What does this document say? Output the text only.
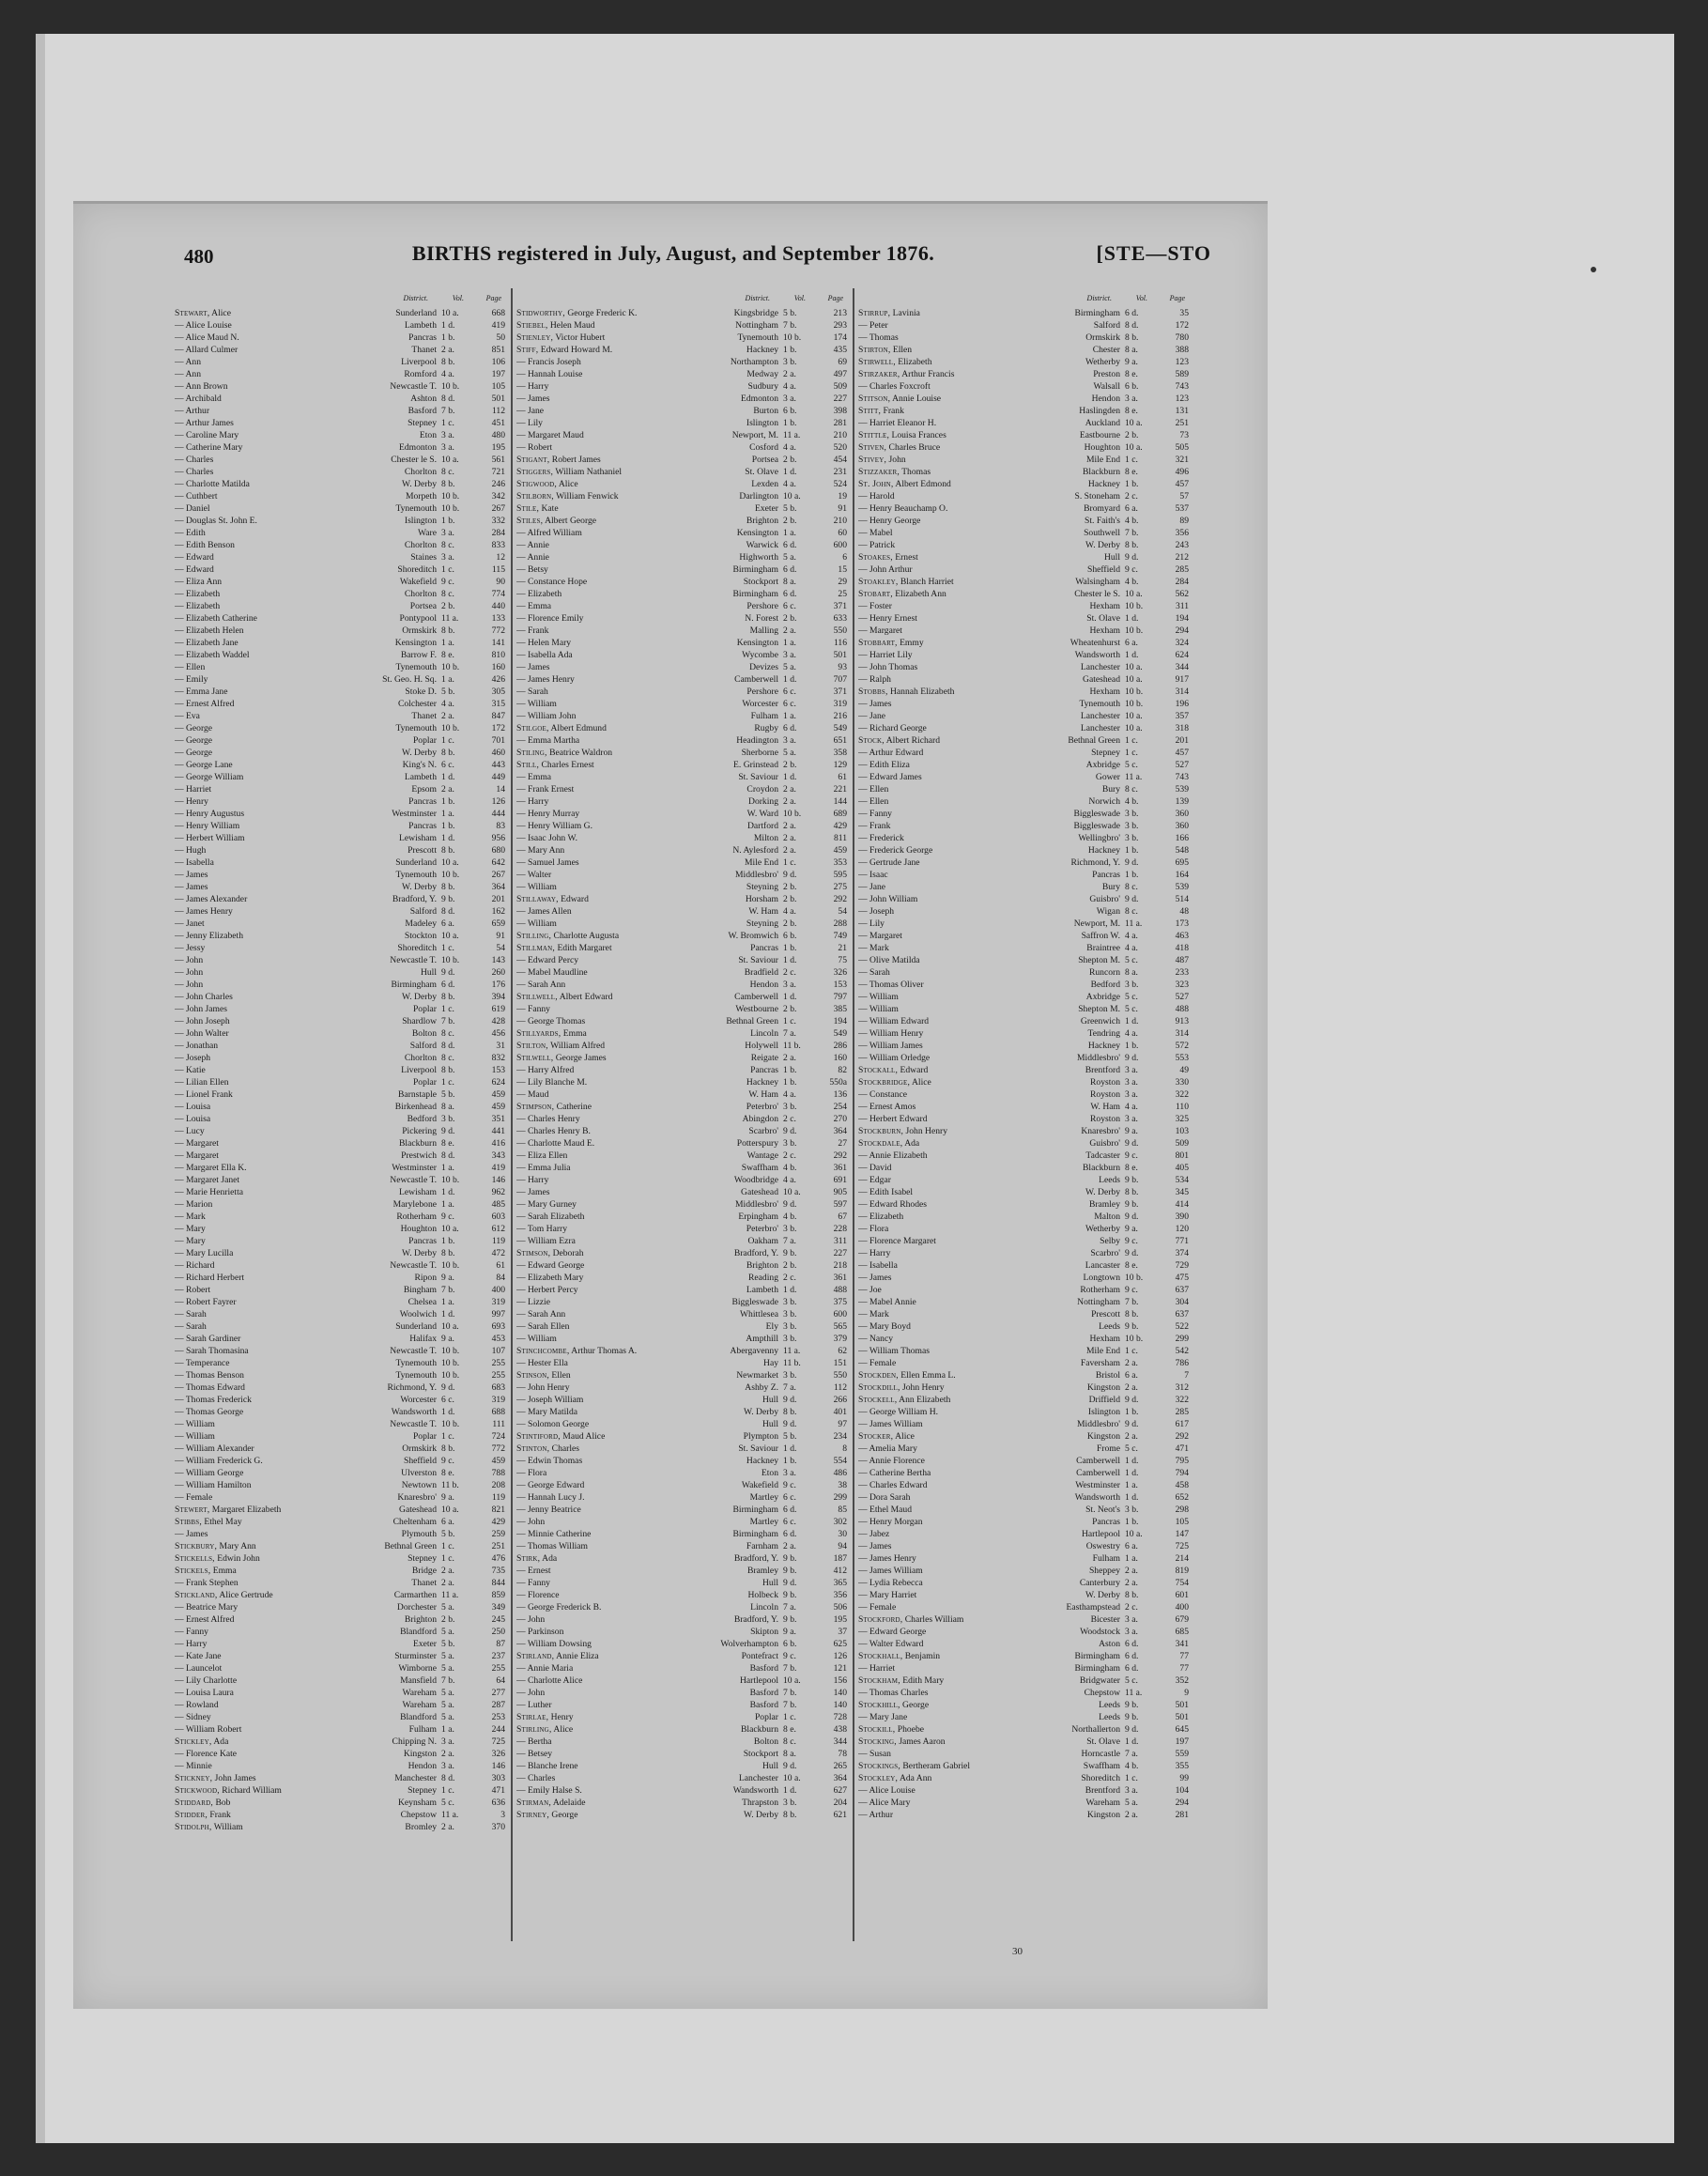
480	BIRTHS registered in July, August, and September 1876.	[STE—STO
District.	Vol.	Page
Stewart, Alice	Sunderland 10 a.	668
— Alice Louise	Lambeth 1 d.	419
— Alice Maud N.	Pancras 1 b.	50
— Allard Culmer	Thanet 2 a.	851
— Ann	Liverpool 8 b.	106
— Ann	Romford 4 a.	197
— Ann Brown	Newcastle T. 10 b.	105
— Archibald	Ashton 8 d.	501
— Arthur	Basford 7 b.	112
— Arthur James	Stepney 1 c.	451
— Caroline Mary	Eton 3 a.	480
— Catherine Mary	Edmonton 3 a.	195
— Charles	Chester le S. 10 a.	561
— Charles	Chorlton 8 c.	721
— Charlotte Matilda	W. Derby 8 b.	246
— Cuthbert	Morpeth 10 b.	342
— Daniel	Tynemouth 10 b.	267
— Douglas St. John E.	Islington 1 b.	332
— Edith	Ware 3 a.	284
— Edith Benson	Chorlton 8 c.	833
— Edward	Staines 3 a.	12
— Edward	Shoreditch 1 c.	115
— Eliza Ann	Wakefield 9 c.	90
— Elizabeth	Chorlton 8 c.	774
— Elizabeth	Portsea 2 b.	440
— Elizabeth Catherine	Pontypool 11 a.	133
— Elizabeth Helen	Ormskirk 8 b.	772
— Elizabeth Jane	Kensington 1 a.	141
— Elizabeth Waddel	Barrow F. 8 e.	810
— Ellen	Tynemouth 10 b.	160
— Emily	St. Geo. H. Sq. 1 a.	426
— Emma Jane	Stoke D. 5 b.	305
— Ernest Alfred	Colchester 4 a.	315
— Eva	Thanet 2 a.	847
— George	Tynemouth 10 b.	172
— George	Poplar 1 c.	701
— George	W. Derby 8 b.	460
— George Lane	King's N. 6 c.	443
— George William	Lambeth 1 d.	449
— Harriet	Epsom 2 a.	14
— Henry	Pancras 1 b.	126
— Henry Augustus	Westminster 1 a.	444
— Henry William	Pancras 1 b.	83
— Herbert William	Lewisham 1 d.	956
— Hugh	Prescott 8 b.	680
— Isabella	Sunderland 10 a.	642
— James	Tynemouth 10 b.	267
— James	W. Derby 8 b.	364
— James Alexander	Bradford, Y. 9 b.	201
— James Henry	Salford 8 d.	162
— Janet	Madeley 6 a.	659
— Jenny Elizabeth	Stockton 10 a.	91
— Jessy	Shoreditch 1 c.	54
— John	Newcastle T. 10 b.	143
— John	Hull 9 d.	260
— John	Birmingham 6 d.	176
— John Charles	W. Derby 8 b.	394
— John James	Poplar 1 c.	619
— John Joseph	Shardlow 7 b.	428
— John Walter	Bolton 8 c.	456
— Jonathan	Salford 8 d.	31
— Joseph	Chorlton 8 c.	832
— Katie	Liverpool 8 b.	153
— Lilian Ellen	Poplar 1 c.	624
— Lionel Frank	Barnstaple 5 b.	459
— Louisa	Birkenhead 8 a.	459
— Louisa	Bedford 3 b.	351
— Lucy	Pickering 9 d.	441
— Margaret	Blackburn 8 e.	416
— Margaret	Prestwich 8 d.	343
— Margaret Ella K.	Westminster 1 a.	419
— Margaret Janet	Newcastle T. 10 b.	146
— Marie Henrietta	Lewisham 1 d.	962
— Marion	Marylebone 1 a.	485
— Mark	Rotherham 9 c.	603
— Mary	Houghton 10 a.	612
— Mary	Pancras 1 b.	119
— Mary Lucilla	W. Derby 8 b.	472
— Richard	Newcastle T. 10 b.	61
— Richard Herbert	Ripon 9 a.	84
— Robert	Bingham 7 b.	400
— Robert Fayrer	Chelsea 1 a.	319
— Sarah	Woolwich 1 d.	997
— Sarah	Sunderland 10 a.	693
— Sarah Gardiner	Halifax 9 a.	453
— Sarah Thomasina	Newcastle T. 10 b.	107
— Temperance	Tynemouth 10 b.	255
— Thomas Benson	Tynemouth 10 b.	255
— Thomas Edward	Richmond, Y. 9 d.	683
— Thomas Frederick	Worcester 6 c.	319
— Thomas George	Wandsworth 1 d.	688
— William	Newcastle T. 10 b.	111
— William	Poplar 1 c.	724
— William Alexander	Ormskirk 8 b.	772
— William Frederick G.	Sheffield 9 c.	459
— William George	Ulverston 8 e.	788
— William Hamilton	Newtown 11 b.	208
— Female	Knaresbro' 9 a.	119
Stewert, Margaret Elizabeth	Gateshead 10 a.	821
Stibbs, Ethel May	Cheltenham 6 a.	429
— James	Plymouth 5 b.	259
Stickbury, Mary Ann	Bethnal Green 1 c.	251
Stickells, Edwin John	Stepney 1 c.	476
Stickels, Emma	Bridge 2 a.	735
— Frank Stephen	Thanet 2 a.	844
Stickland, Alice Gertrude	Carmarthen 11 a.	859
— Beatrice Mary	Dorchester 5 a.	349
— Ernest Alfred	Brighton 2 b.	245
— Fanny	Blandford 5 a.	250
— Harry	Exeter 5 b.	87
— Kate Jane	Sturminster 5 a.	237
— Launcelot	Wimborne 5 a.	255
— Lily Charlotte	Mansfield 7 b.	64
— Louisa Laura	Wareham 5 a.	277
— Rowland	Wareham 5 a.	287
— Sidney	Blandford 5 a.	253
— William Robert	Fulham 1 a.	244
Stickley, Ada	Chipping N. 3 a.	725
— Florence Kate	Kingston 2 a.	326
— Minnie	Hendon 3 a.	146
Stickney, John James	Manchester 8 d.	303
Stickwood, Richard William	Stepney 1 c.	471
Stiddard, Bob	Keynsham 5 c.	636
Stidder, Frank	Chepstow 11 a.	3
Stidolph, William	Bromley 2 a.	370
District.	Vol.	Page
Stidworthy, George Frederic K.	Kingsbridge 5 b.	213
Stiebel, Helen Maud	Nottingham 7 b.	293
Stienley, Victor Hubert	Tynemouth 10 b.	174
Stiff, Edward Howard M.	Hackney 1 b.	435
— Francis Joseph	Northampton 3 b.	69
— Hannah Louise	Medway 2 a.	497
— Harry	Sudbury 4 a.	509
— James	Edmonton 3 a.	227
— Jane	Burton 6 b.	398
— Lily	Islington 1 b.	281
— Margaret Maud	Newport, M. 11 a.	210
— Robert	Cosford 4 a.	520
Stigant, Robert James	Portsea 2 b.	454
Stiggers, William Nathaniel	St. Olave 1 d.	231
Stigwood, Alice	Lexden 4 a.	524
Stilborn, William Fenwick	Darlington 10 a.	19
Stile, Kate	Exeter 5 b.	91
Stiles, Albert George	Brighton 2 b.	210
— Alfred William	Kensington 1 a.	60
— Annie	Warwick 6 d.	600
— Annie	Highworth 5 a.	6
— Betsy	Birmingham 6 d.	15
— Constance Hope	Stockport 8 a.	29
— Elizabeth	Birmingham 6 d.	25
— Emma	Pershore 6 c.	371
— Florence Emily	N. Forest 2 b.	633
— Frank	Malling 2 a.	550
— Helen Mary	Kensington 1 a.	116
— Isabella Ada	Wycombe 3 a.	501
— James	Devizes 5 a.	93
— James Henry	Camberwell 1 d.	707
— Sarah	Pershore 6 c.	371
— William	Worcester 6 c.	319
— William John	Fulham 1 a.	216
Stilgoe, Albert Edmund	Rugby 6 d.	549
— Emma Martha	Headington 3 a.	651
Stiling, Beatrice Waldron	Sherborne 5 a.	358
Still, Charles Ernest	E. Grinstead 2 b.	129
— Emma	St. Saviour 1 d.	61
— Frank Ernest	Croydon 2 a.	221
— Harry	Dorking 2 a.	144
— Henry Murray	W. Ward 10 b.	689
— Henry William G.	Dartford 2 a.	429
— Isaac John W.	Milton 2 a.	811
— Mary Ann	N. Aylesford 2 a.	459
— Samuel James	Mile End 1 c.	353
— Walter	Middlesbro' 9 d.	595
— William	Steyning 2 b.	275
Stillaway, Edward	Horsham 2 b.	292
— James Allen	W. Ham 4 a.	54
— William	Steyning 2 b.	288
Stilling, Charlotte Augusta	W. Bromwich 6 b.	749
Stillman, Edith Margaret	Pancras 1 b.	21
— Edward Percy	St. Saviour 1 d.	75
— Mabel Maudline	Bradfield 2 c.	326
— Sarah Ann	Hendon 3 a.	153
Stillwell, Albert Edward	Camberwell 1 d.	797
— Fanny	Westbourne 2 b.	385
— George Thomas	Bethnal Green 1 c.	194
Stillyards, Emma	Lincoln 7 a.	549
Stilton, William Alfred	Holywell 11 b.	286
Stilwell, George James	Reigate 2 a.	160
— Harry Alfred	Pancras 1 b.	82
— Lily Blanche M.	Hackney 1 b.	550a
— Maud	W. Ham 4 a.	136
Stimpson, Catherine	Peterbro' 3 b.	254
— Charles Henry	Abingdon 2 c.	270
— Charles Henry B.	Scarbro' 9 d.	364
— Charlotte Maud E.	Potterspury 3 b.	27
— Eliza Ellen	Wantage 2 c.	292
— Emma Julia	Swaffham 4 b.	361
— Harry	Woodbridge 4 a.	691
— James	Gateshead 10 a.	905
— Mary Gurney	Middlesbro' 9 d.	597
— Sarah Elizabeth	Erpingham 4 b.	67
— Tom Harry	Peterbro' 3 b.	228
— William Ezra	Oakham 7 a.	311
Stimson, Deborah	Bradford, Y. 9 b.	227
— Edward George	Brighton 2 b.	218
— Elizabeth Mary	Reading 2 c.	361
— Herbert Percy	Lambeth 1 d.	488
— Lizzie	Biggleswade 3 b.	375
— Sarah Ann	Whittlesea 3 b.	600
— Sarah Ellen	Ely 3 b.	565
— William	Ampthill 3 b.	379
Stinchcombe, Arthur Thomas A.	Abergavenny 11 a.	62
— Hester Ella	Hay 11 b.	151
Stinson, Ellen	Newmarket 3 b.	550
— John Henry	Ashby Z. 7 a.	112
— Joseph William	Hull 9 d.	266
— Mary Matilda	W. Derby 8 b.	401
— Solomon George	Hull 9 d.	97
Stintiford, Maud Alice	Plympton 5 b.	234
Stinton, Charles	St. Saviour 1 d.	8
— Edwin Thomas	Hackney 1 b.	554
— Flora	Eton 3 a.	486
— George Edward	Wakefield 9 c.	38
— Hannah Lucy J.	Martley 6 c.	299
— Jenny Beatrice	Birmingham 6 d.	85
— John	Martley 6 c.	302
— Minnie Catherine	Birmingham 6 d.	30
— Thomas William	Farnham 2 a.	94
Stirk, Ada	Bradford, Y. 9 b.	187
— Ernest	Bramley 9 b.	412
— Fanny	Hull 9 d.	365
— Florence	Holbeck 9 b.	356
— George Frederick B.	Lincoln 7 a.	506
— John	Bradford, Y. 9 b.	195
— Parkinson	Skipton 9 a.	37
— William Dowsing	Wolverhampton 6 b.	625
Stirland, Annie Eliza	Pontefract 9 c.	126
— Annie Maria	Basford 7 b.	121
— Charlotte Alice	Hartlepool 10 a.	156
— John	Basford 7 b.	140
— Luther	Basford 7 b.	140
Stirlae, Henry	Poplar 1 c.	728
Stirling, Alice	Blackburn 8 e.	438
— Bertha	Bolton 8 c.	344
— Betsey	Stockport 8 a.	78
— Blanche Irene	Hull 9 d.	265
— Charles	Lanchester 10 a.	364
— Emily Halse S.	Wandsworth 1 d.	627
Stirman, Adelaide	Thrapston 3 b.	204
Stirney, George	W. Derby 8 b.	621
District.	Vol.	Page
Stirrup, Lavinia	Birmingham 6 d.	35
— Peter	Salford 8 d.	172
— Thomas	Ormskirk 8 b.	780
Stirton, Ellen	Chester 8 a.	388
Stirwell, Elizabeth	Wetherby 9 a.	123
Stirzaker, Arthur Francis	Preston 8 e.	589
— Charles Foxcroft	Walsall 6 b.	743
Stitson, Annie Louise	Hendon 3 a.	123
Stitt, Frank	Haslingden 8 e.	131
— Harriet Eleanor H.	Auckland 10 a.	251
Stittle, Louisa Frances	Eastbourne 2 b.	73
Stiven, Charles Bruce	Houghton 10 a.	505
Stivey, John	Mile End 1 c.	321
Stizzaker, Thomas	Blackburn 8 e.	496
St. John, Albert Edmond	Hackney 1 b.	457
— Harold	S. Stoneham 2 c.	57
— Henry Beauchamp O.	Bromyard 6 a.	537
— Henry George	St. Faith's 4 b.	89
— Mabel	Southwell 7 b.	356
— Patrick	W. Derby 8 b.	243
Stoakes, Ernest	Hull 9 d.	212
— John Arthur	Sheffield 9 c.	285
Stoakley, Blanch Harriet	Walsingham 4 b.	284
Stobart, Elizabeth Ann	Chester le S. 10 a.	562
— Foster	Hexham 10 b.	311
— Henry Ernest	St. Olave 1 d.	194
— Margaret	Hexham 10 b.	294
Stobbart, Emmy	Wheatenhurst 6 a.	324
— Harriet Lily	Wandsworth 1 d.	624
— John Thomas	Lanchester 10 a.	344
— Ralph	Gateshead 10 a.	917
Stobbs, Hannah Elizabeth	Hexham 10 b.	314
— James	Tynemouth 10 b.	196
— Jane	Lanchester 10 a.	357
— Richard George	Lanchester 10 a.	318
Stock, Albert Richard	Bethnal Green 1 c.	201
— Arthur Edward	Stepney 1 c.	457
— Edith Eliza	Axbridge 5 c.	527
— Edward James	Gower 11 a.	743
— Ellen	Bury 8 c.	539
— Ellen	Norwich 4 b.	139
— Fanny	Biggleswade 3 b.	360
— Frank	Biggleswade 3 b.	360
— Frederick	Wellingbro' 3 b.	166
— Frederick George	Hackney 1 b.	548
— Gertrude Jane	Richmond, Y. 9 d.	695
— Isaac	Pancras 1 b.	164
— Jane	Bury 8 c.	539
— John William	Guisbro' 9 d.	514
— Joseph	Wigan 8 c.	48
— Lily	Newport, M. 11 a.	173
— Margaret	Saffron W. 4 a.	463
— Mark	Braintree 4 a.	418
— Olive Matilda	Shepton M. 5 c.	487
— Sarah	Runcorn 8 a.	233
— Thomas Oliver	Bedford 3 b.	323
— William	Axbridge 5 c.	527
— William	Shepton M. 5 c.	488
— William Edward	Greenwich 1 d.	913
— William Henry	Tendring 4 a.	314
— William James	Hackney 1 b.	572
— William Orledge	Middlesbro' 9 d.	553
Stockall, Edward	Brentford 3 a.	49
Stockbridge, Alice	Royston 3 a.	330
— Constance	Royston 3 a.	322
— Ernest Amos	W. Ham 4 a.	110
— Herbert Edward	Royston 3 a.	325
Stockburn, John Henry	Knaresbro' 9 a.	103
Stockdale, Ada	Guisbro' 9 d.	509
— Annie Elizabeth	Tadcaster 9 c.	801
— David	Blackburn 8 e.	405
— Edgar	Leeds 9 b.	534
— Edith Isabel	W. Derby 8 b.	345
— Edward Rhodes	Bramley 9 b.	414
— Elizabeth	Malton 9 d.	390
— Flora	Wetherby 9 a.	120
— Florence Margaret	Selby 9 c.	771
— Harry	Scarbro' 9 d.	374
— Isabella	Lancaster 8 e.	729
— James	Longtown 10 b.	475
— Joe	Rotherham 9 c.	637
— Mabel Annie	Nottingham 7 b.	304
— Mark	Prescott 8 b.	637
— Mary Boyd	Leeds 9 b.	522
— Nancy	Hexham 10 b.	299
— William Thomas	Mile End 1 c.	542
— Female	Faversham 2 a.	786
Stockden, Ellen Emma L.	Bristol 6 a.	7
Stockdill, John Henry	Kingston 2 a.	312
Stockell, Ann Elizabeth	Driffield 9 d.	322
— George William H.	Islington 1 b.	285
— James William	Middlesbro' 9 d.	617
Stocker, Alice	Kingston 2 a.	292
— Amelia Mary	Frome 5 c.	471
— Annie Florence	Camberwell 1 d.	795
— Catherine Bertha	Camberwell 1 d.	794
— Charles Edward	Westminster 1 a.	458
— Dora Sarah	Wandsworth 1 d.	652
— Ethel Maud	St. Neot's 3 b.	298
— Henry Morgan	Pancras 1 b.	105
— Jabez	Hartlepool 10 a.	147
— James	Oswestry 6 a.	725
— James Henry	Fulham 1 a.	214
— James William	Sheppey 2 a.	819
— Lydia Rebecca	Canterbury 2 a.	754
— Mary Harriet	W. Derby 8 b.	601
— Female	Easthampstead 2 c.	400
Stockford, Charles William	Bicester 3 a.	679
— Edward George	Woodstock 3 a.	685
— Walter Edward	Aston 6 d.	341
Stockhall, Benjamin	Birmingham 6 d.	77
— Harriet	Birmingham 6 d.	77
Stockham, Edith Mary	Bridgwater 5 c.	352
— Thomas Charles	Chepstow 11 a.	9
Stockhill, George	Leeds 9 b.	501
— Mary Jane	Leeds 9 b.	501
Stockill, Phoebe	Northallerton 9 d.	645
Stocking, James Aaron	St. Olave 1 d.	197
— Susan	Horncastle 7 a.	559
Stockings, Bertheram Gabriel	Swaffham 4 b.	355
Stockley, Ada Ann	Shoreditch 1 c.	99
— Alice Louise	Brentford 3 a.	104
— Alice Mary	Wareham 5 a.	294
— Arthur	Kingston 2 a.	281
30
